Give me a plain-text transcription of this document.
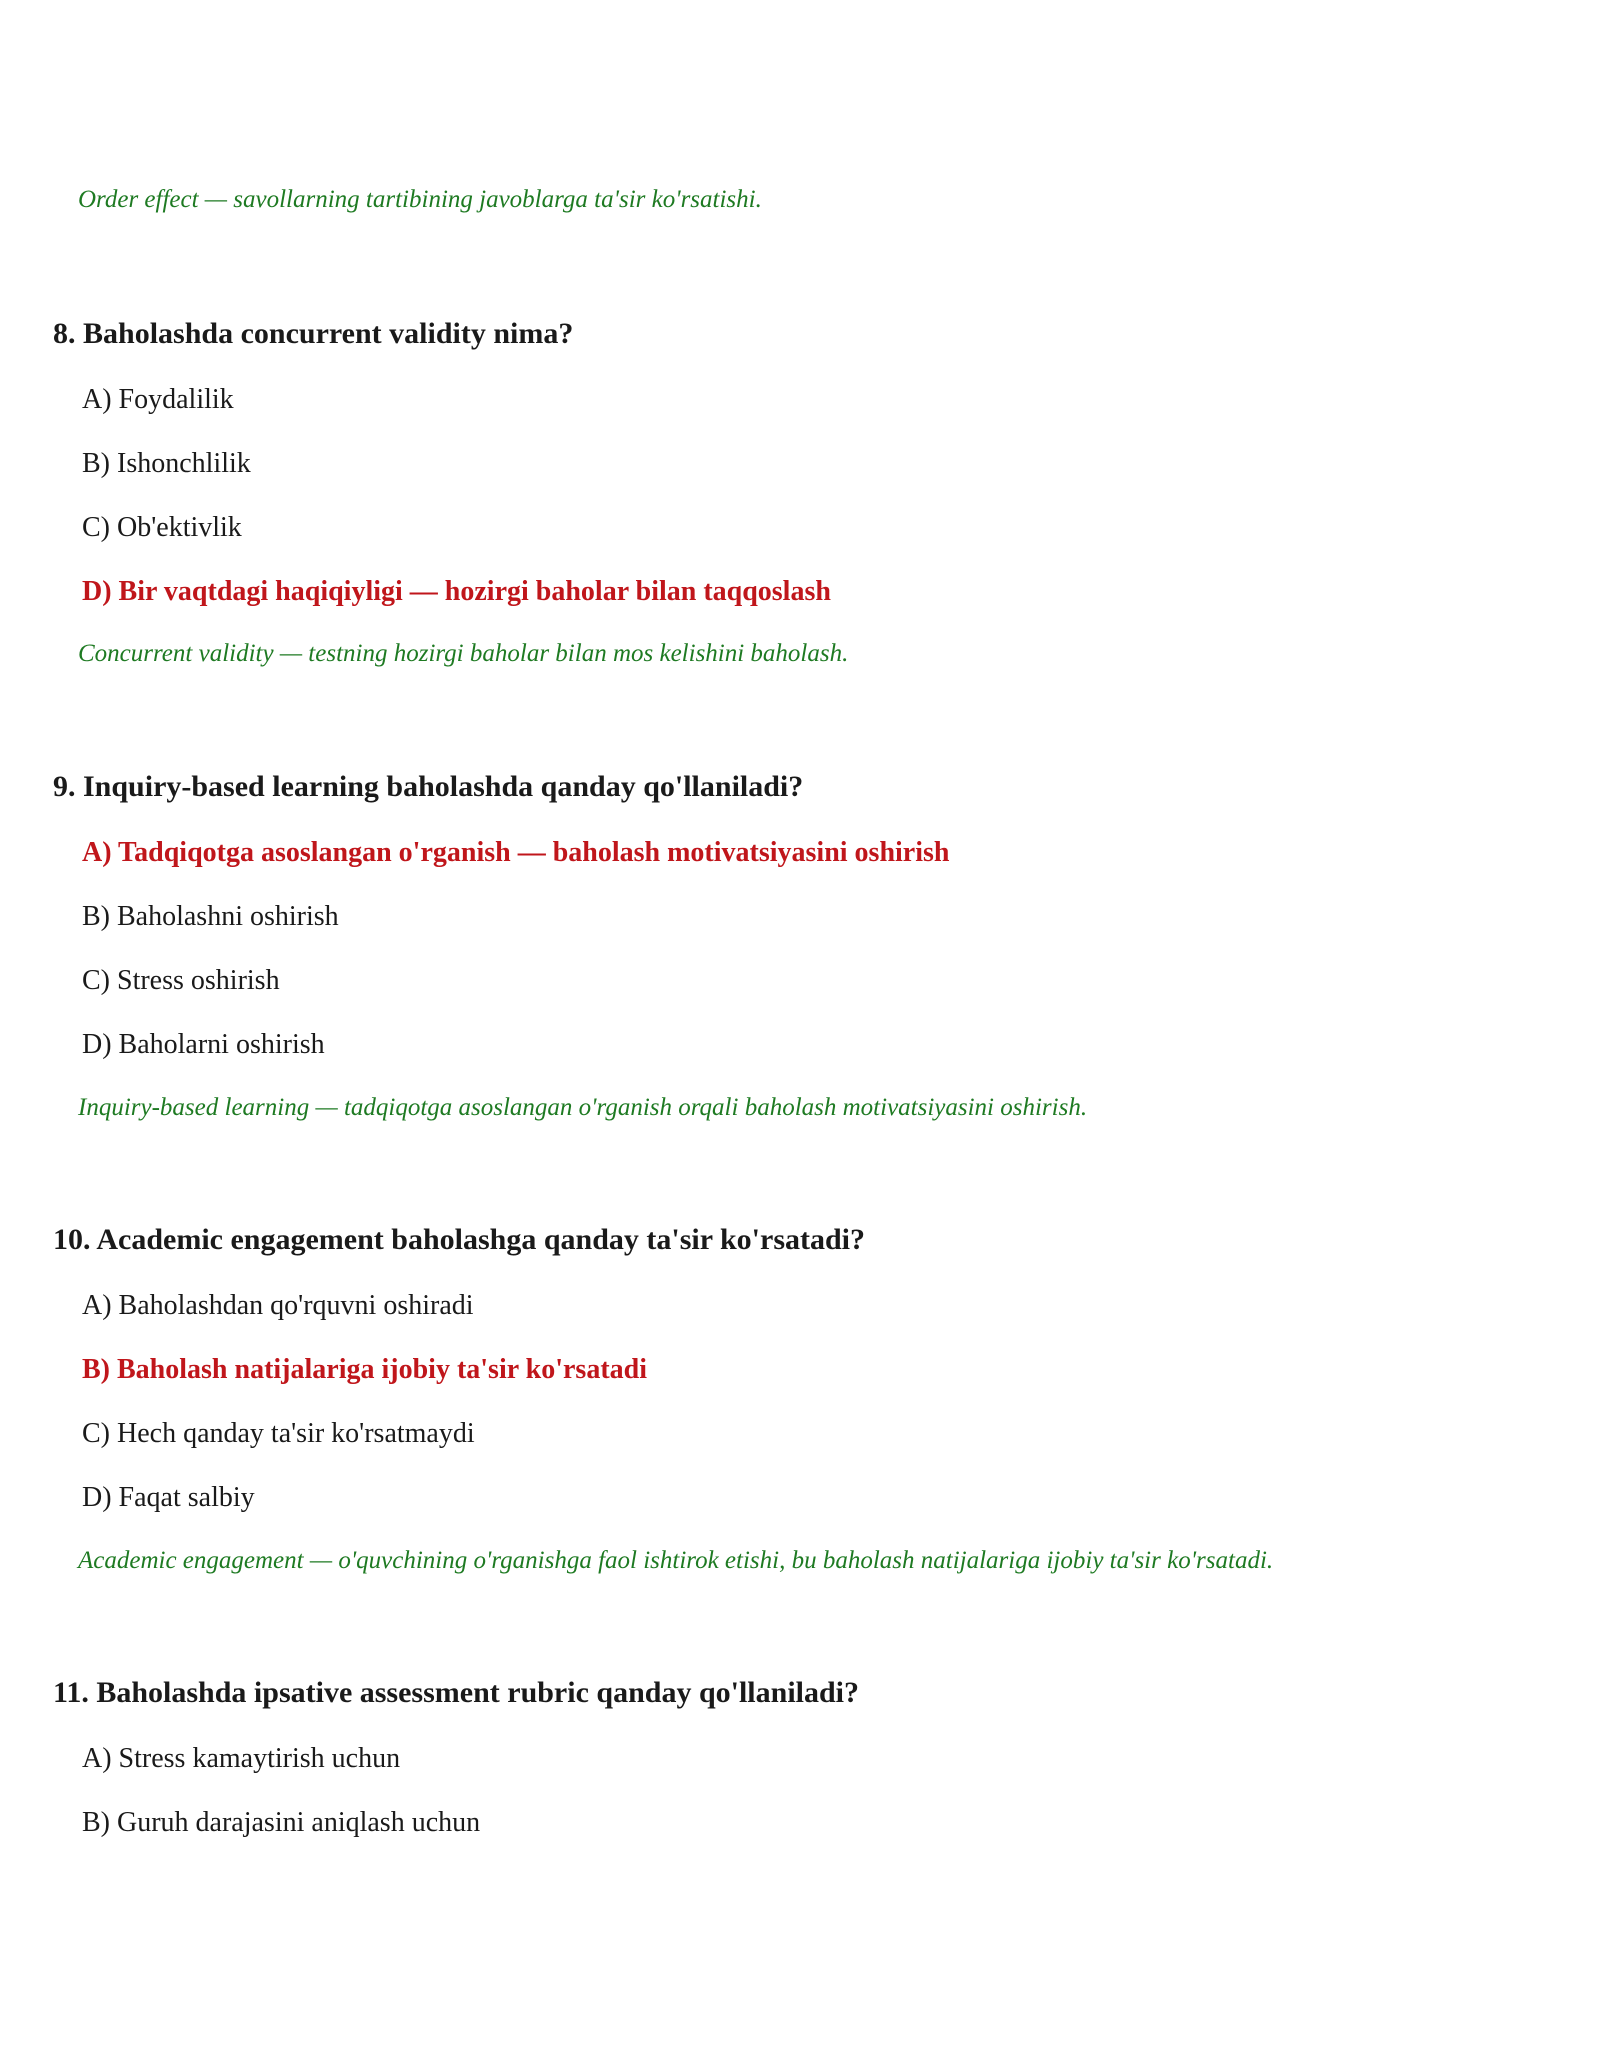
Order effect — savollarning tartibining javoblarga ta'sir ko'rsatishi.
8. Baholashda concurrent validity nima?
A) Foydalilik
B) Ishonchlilik
C) Ob'ektivlik
D) Bir vaqtdagi haqiqiyligi — hozirgi baholar bilan taqqoslash
Concurrent validity — testning hozirgi baholar bilan mos kelishini baholash.
9. Inquiry-based learning baholashda qanday qo'llaniladi?
A) Tadqiqotga asoslangan o'rganish — baholash motivatsiyasini oshirish
B) Baholashni oshirish
C) Stress oshirish
D) Baholarni oshirish
Inquiry-based learning — tadqiqotga asoslangan o'rganish orqali baholash motivatsiyasini oshirish.
10. Academic engagement baholashga qanday ta'sir ko'rsatadi?
A) Baholashdan qo'rquvni oshiradi
B) Baholash natijalariga ijobiy ta'sir ko'rsatadi
C) Hech qanday ta'sir ko'rsatmaydi
D) Faqat salbiy
Academic engagement — o'quvchining o'rganishga faol ishtirok etishi, bu baholash natijalariga ijobiy ta'sir ko'rsatadi.
11. Baholashda ipsative assessment rubric qanday qo'llaniladi?
A) Stress kamaytirish uchun
B) Guruh darajasini aniqlash uchun
